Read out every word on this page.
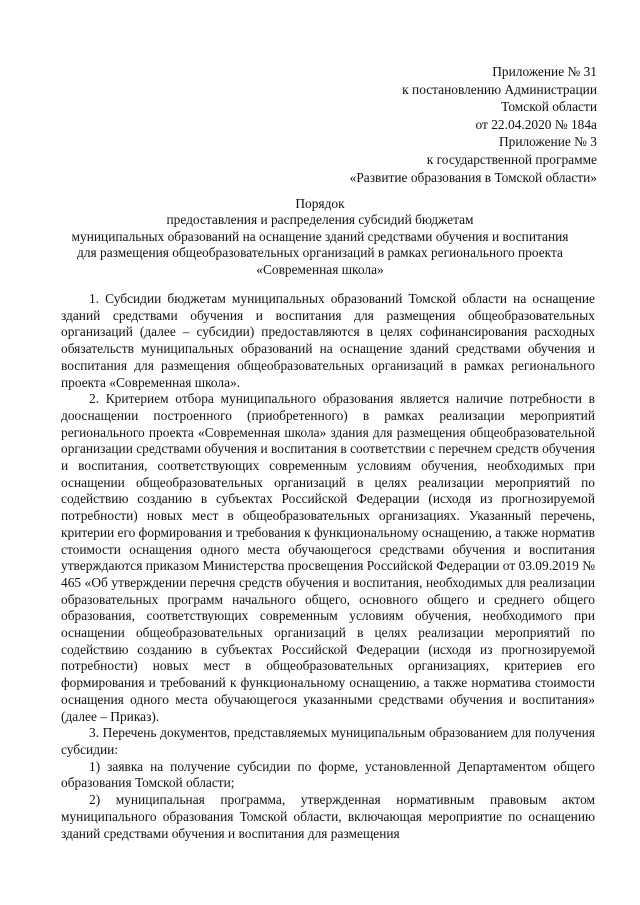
Приложение № 31
к постановлению Администрации
Томской области
от 22.04.2020 № 184а
Приложение № 3
к государственной программе
«Развитие образования в Томской области»
Порядок
предоставления и распределения субсидий бюджетам
муниципальных образований на оснащение зданий средствами обучения и воспитания
для размещения общеобразовательных организаций в рамках регионального проекта
«Современная школа»

1. Субсидии бюджетам муниципальных образований Томской области на оснащение зданий средствами обучения и воспитания для размещения общеобразовательных организаций (далее – субсидии) предоставляются в целях софинансирования расходных обязательств муниципальных образований на оснащение зданий средствами обучения и воспитания для размещения общеобразовательных организаций в рамках регионального проекта «Современная школа».

2. Критерием отбора муниципального образования является наличие потребности в дооснащении построенного (приобретенного) в рамках реализации мероприятий регионального проекта «Современная школа» здания для размещения общеобразовательной организации средствами обучения и воспитания в соответствии с перечнем средств обучения и воспитания, соответствующих современным условиям обучения, необходимых при оснащении общеобразовательных организаций в целях реализации мероприятий по содействию созданию в субъектах Российской Федерации (исходя из прогнозируемой потребности) новых мест в общеобразовательных организациях. Указанный перечень, критерии его формирования и требования к функциональному оснащению, а также норматив стоимости оснащения одного места обучающегося средствами обучения и воспитания утверждаются приказом Министерства просвещения Российской Федерации от 03.09.2019 № 465 «Об утверждении перечня средств обучения и воспитания, необходимых для реализации образовательных программ начального общего, основного общего и среднего общего образования, соответствующих современным условиям обучения, необходимого при оснащении общеобразовательных организаций в целях реализации мероприятий по содействию созданию в субъектах Российской Федерации (исходя из прогнозируемой потребности) новых мест в общеобразовательных организациях, критериев его формирования и требований к функциональному оснащению, а также норматива стоимости оснащения одного места обучающегося указанными средствами обучения и воспитания» (далее – Приказ).

3. Перечень документов, представляемых муниципальным образованием для получения субсидии:

1) заявка на получение субсидии по форме, установленной Департаментом общего образования Томской области;

2) муниципальная программа, утвержденная нормативным правовым актом муниципального образования Томской области, включающая мероприятие по оснащению зданий средствами обучения и воспитания для размещения
